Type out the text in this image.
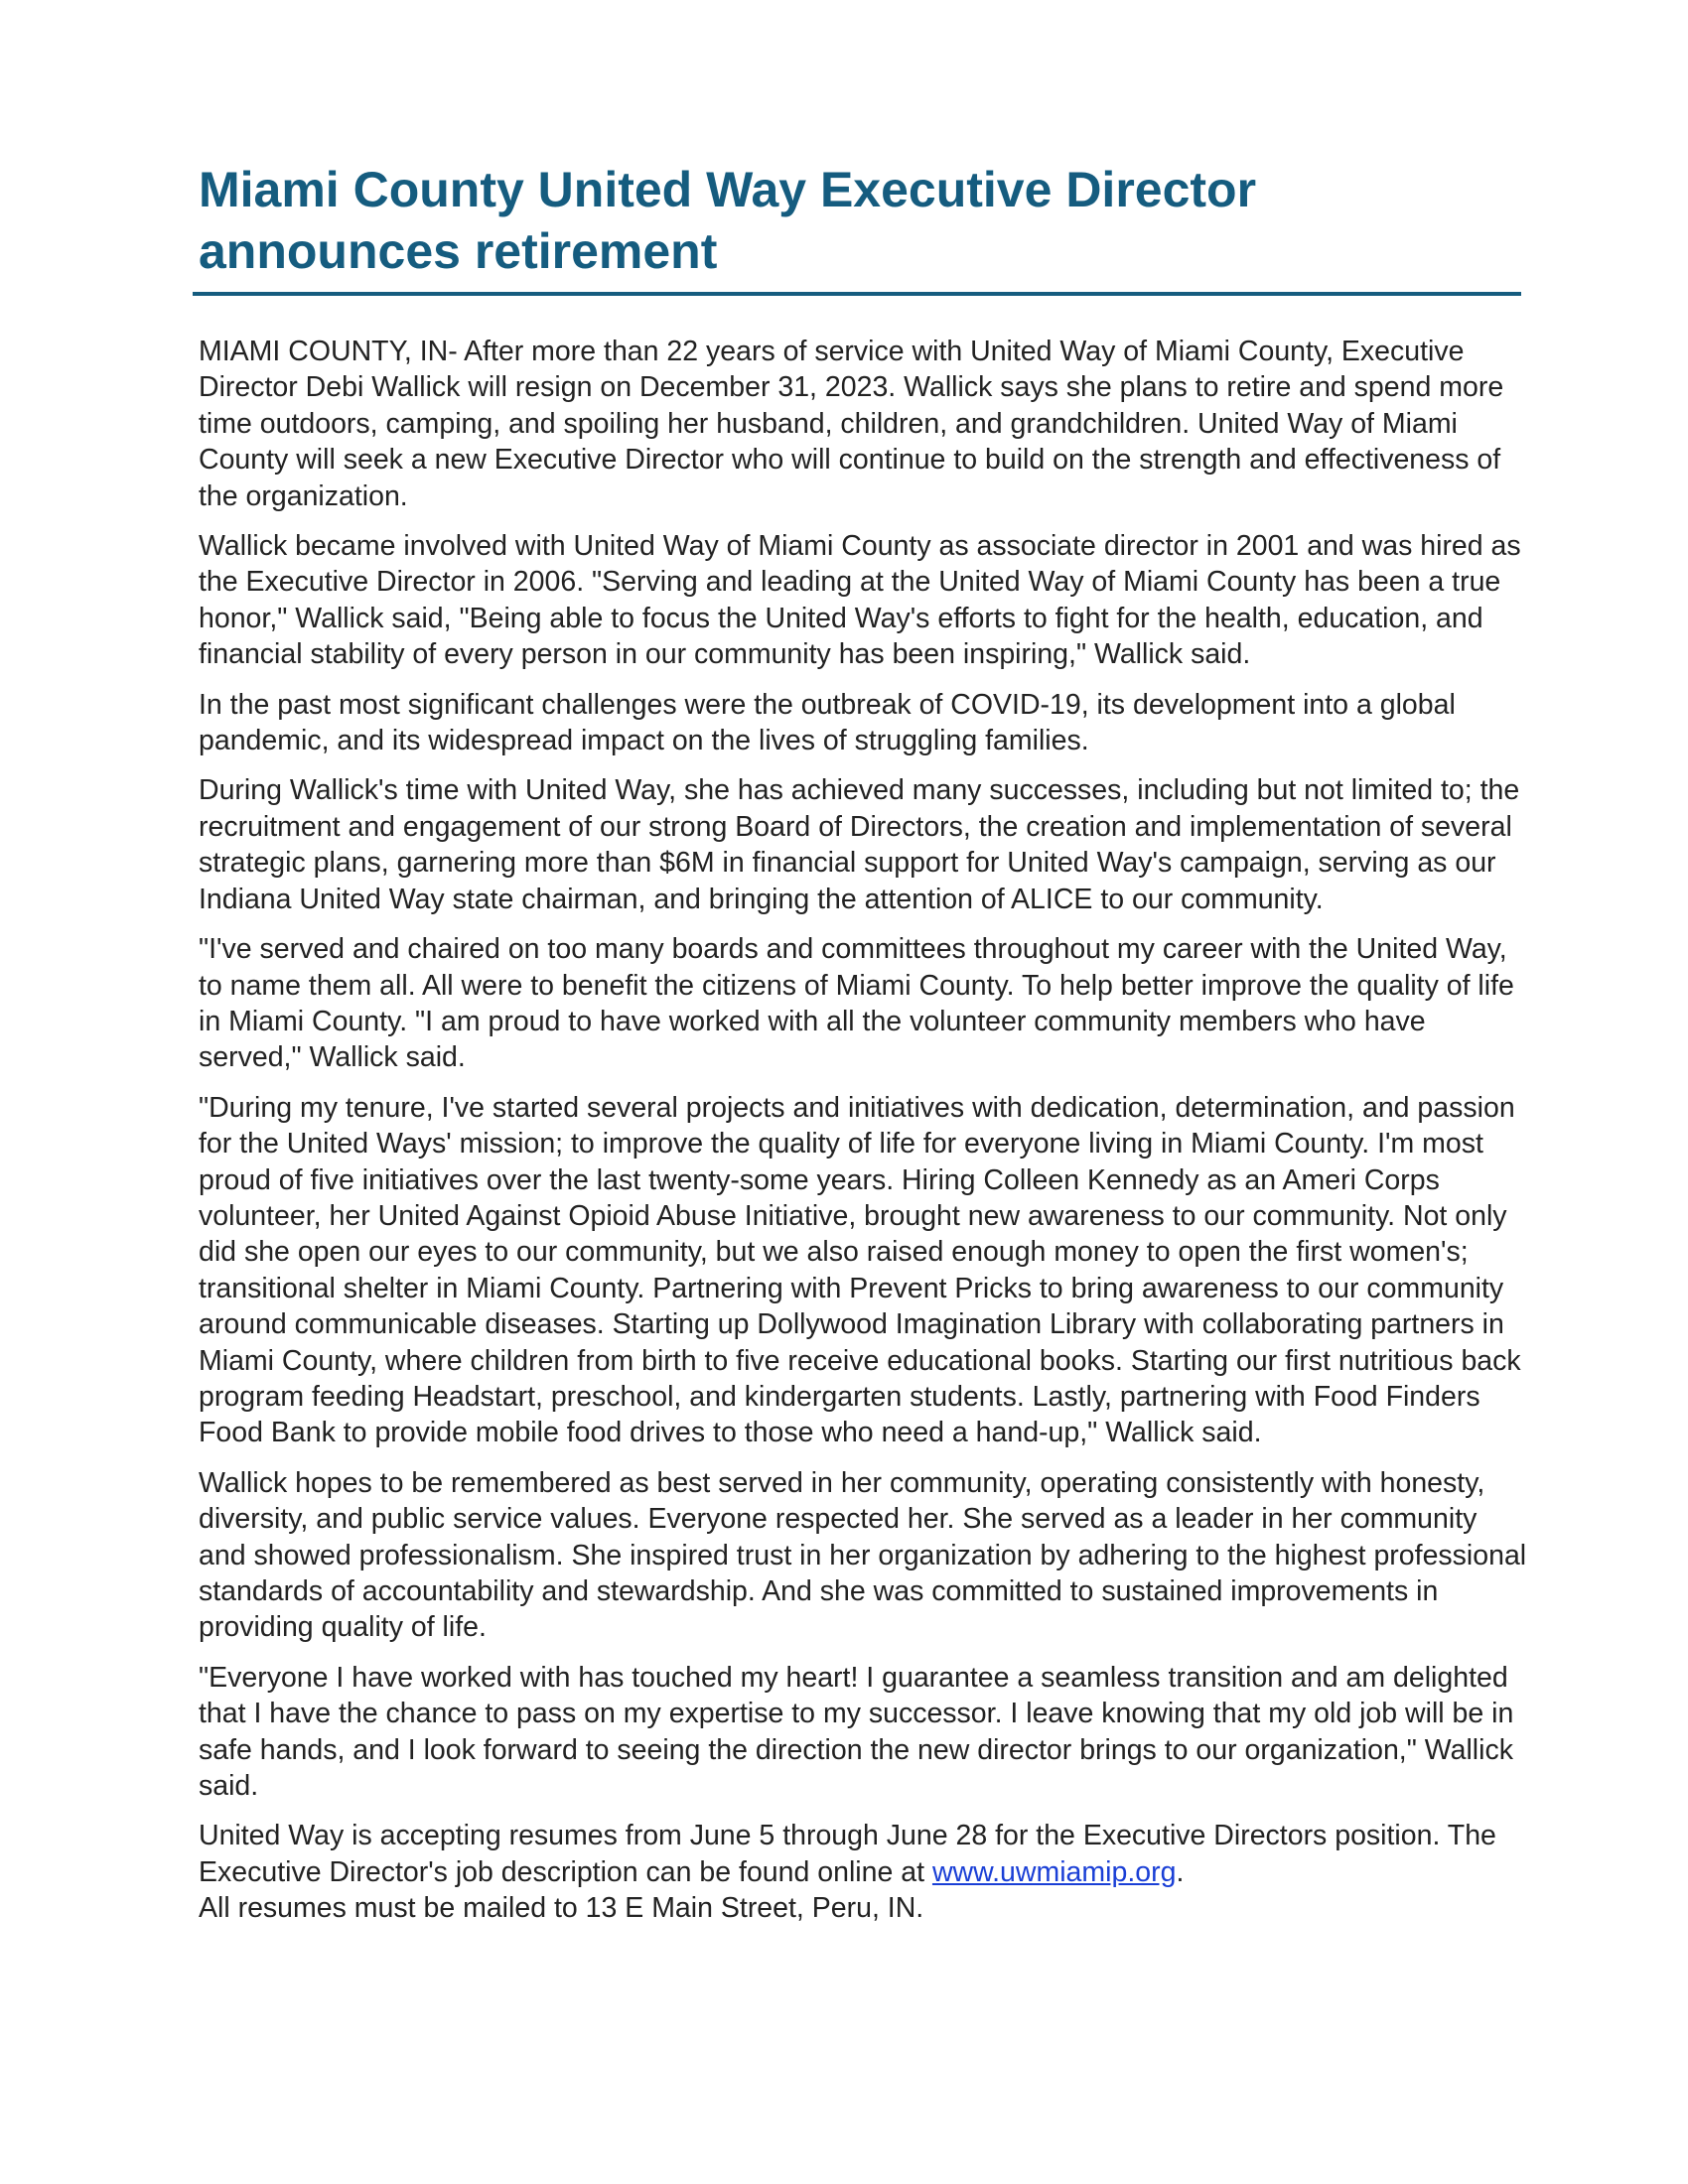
Miami County United Way Executive Director
announces retirement

MIAMI COUNTY, IN- After more than 22 years of service with United Way of Miami County, Executive Director Debi Wallick will resign on December 31, 2023. Wallick says she plans to retire and spend more time outdoors, camping, and spoiling her husband, children, and grandchildren. United Way of Miami County will seek a new Executive Director who will continue to build on the strength and effectiveness of the organization.

Wallick became involved with United Way of Miami County as associate director in 2001 and was hired as the Executive Director in 2006. "Serving and leading at the United Way of Miami County has been a true honor," Wallick said, "Being able to focus the United Way's efforts to fight for the health, education, and financial stability of every person in our community has been inspiring," Wallick said.

In the past most significant challenges were the outbreak of COVID-19, its development into a global pandemic, and its widespread impact on the lives of struggling families.

During Wallick's time with United Way, she has achieved many successes, including but not limited to; the recruitment and engagement of our strong Board of Directors, the creation and implementation of several strategic plans, garnering more than $6M in financial support for United Way's campaign, serving as our Indiana United Way state chairman, and bringing the attention of ALICE to our community.

"I've served and chaired on too many boards and committees throughout my career with the United Way, to name them all. All were to benefit the citizens of Miami County. To help better improve the quality of life in Miami County. "I am proud to have worked with all the volunteer community members who have served," Wallick said.

"During my tenure, I've started several projects and initiatives with dedication, determination, and passion for the United Ways' mission; to improve the quality of life for everyone living in Miami County. I'm most proud of five initiatives over the last twenty-some years. Hiring Colleen Kennedy as an Ameri Corps volunteer, her United Against Opioid Abuse Initiative, brought new awareness to our community. Not only did she open our eyes to our community, but we also raised enough money to open the first women's; transitional shelter in Miami County. Partnering with Prevent Pricks to bring awareness to our community around communicable diseases. Starting up Dollywood Imagination Library with collaborating partners in Miami County, where children from birth to five receive educational books. Starting our first nutritious back program feeding Headstart, preschool, and kindergarten students. Lastly, partnering with Food Finders Food Bank to provide mobile food drives to those who need a hand-up," Wallick said.

Wallick hopes to be remembered as best served in her community, operating consistently with honesty, diversity, and public service values. Everyone respected her. She served as a leader in her community and showed professionalism. She inspired trust in her organization by adhering to the highest professional standards of accountability and stewardship. And she was committed to sustained improvements in providing quality of life.

"Everyone I have worked with has touched my heart! I guarantee a seamless transition and am delighted that I have the chance to pass on my expertise to my successor. I leave knowing that my old job will be in safe hands, and I look forward to seeing the direction the new director brings to our organization," Wallick said.

United Way is accepting resumes from June 5 through June 28 for the Executive Directors position. The Executive Director's job description can be found online at www.uwmiamip.org.
All resumes must be mailed to 13 E Main Street, Peru, IN.
